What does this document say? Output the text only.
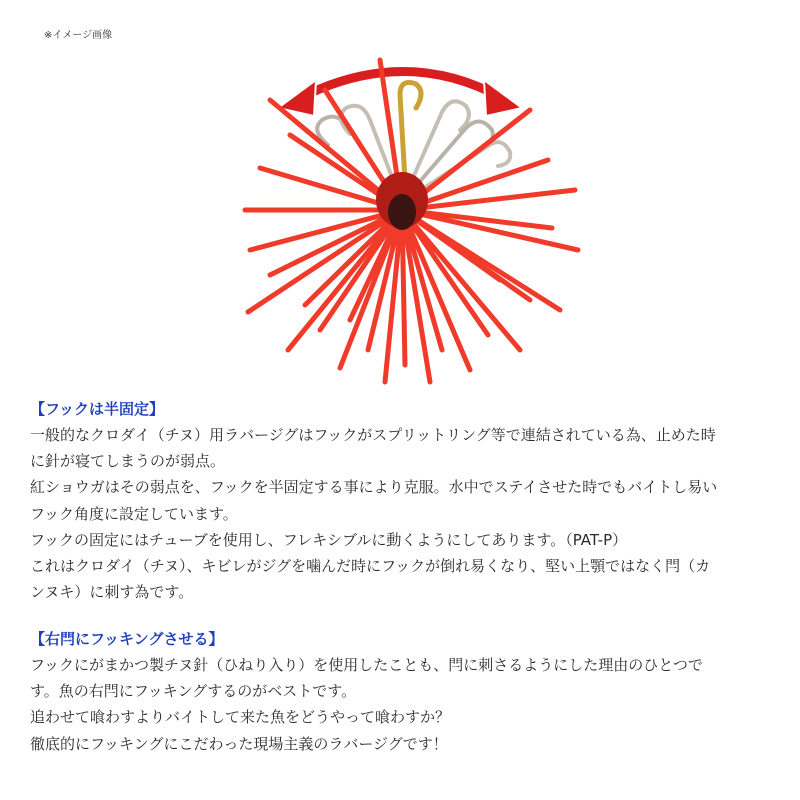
※イメージ画像
【フックは半固定】

一般的なクロダイ（チヌ）用ラバージグはフックがスプリットリング等で連結されている為、止めた時

に針が寝てしまうのが弱点。

紅ショウガはその弱点を、フックを半固定する事により克服。水中でステイさせた時でもバイトし易い

フック角度に設定しています。

フックの固定にはチューブを使用し、フレキシブルに動くようにしてあります。（PAT-P）

これはクロダイ（チヌ）、キビレがジグを噛んだ時にフックが倒れ易くなり、堅い上顎ではなく閂（カ

ンヌキ）に刺す為です。

【右閂にフッキングさせる】

フックにがまかつ製チヌ針（ひねり入り）を使用したことも、閂に刺さるようにした理由のひとつで

す。魚の右閂にフッキングするのがベストです。

追わせて喰わすよりバイトして来た魚をどうやって喰わすか？

徹底的にフッキングにこだわった現場主義のラバージグです！
